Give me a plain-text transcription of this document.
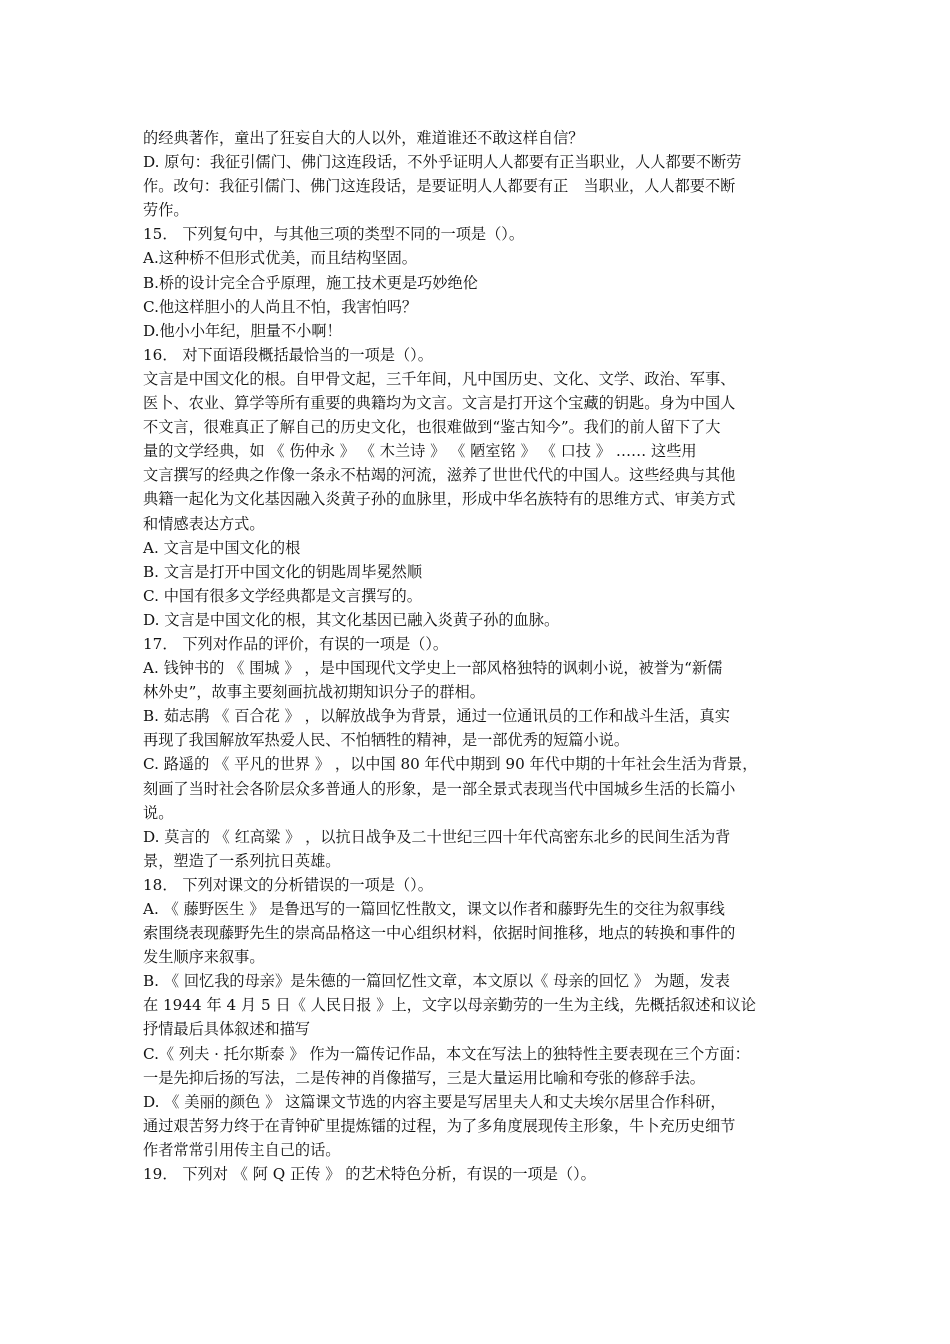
的经典著作，童出了狂妄自大的人以外，难道谁还不敢这样自信？

D. 原句：我征引儒门、佛门这连段话，不外乎证明人人都要有正当职业，人人都要不断劳

作。改句：我征引儒门、佛门这连段话，是要证明人人都要有正　当职业，人人都要不断

劳作。

15． 下列复句中，与其他三项的类型不同的一项是（）。

A.这种桥不但形式优美，而且结构坚固。

B.桥的设计完全合乎原理，施工技术更是巧妙绝伦

C.他这样胆小的人尚且不怕，我害怕吗？

D.他小小年纪，胆量不小啊！

16． 对下面语段概括最恰当的一项是（）。

文言是中国文化的根。自甲骨文起，三千年间，凡中国历史、文化、文学、政治、军事、

医卜、农业、算学等所有重要的典籍均为文言。文言是打开这个宝藏的钥匙。身为中国人

不文言，很难真正了解自己的历史文化，也很难做到“鉴古知今”。我们的前人留下了大

量的文学经典，如 《 伤仲永 》 《 木兰诗 》 《 陋室铭 》 《 口技 》 …… 这些用

文言撰写的经典之作像一条永不枯竭的河流，滋养了世世代代的中国人。这些经典与其他

典籍一起化为文化基因融入炎黄子孙的血脉里，形成中华名族特有的思维方式、审美方式

和情感表达方式。

A. 文言是中国文化的根

B. 文言是打开中国文化的钥匙周毕冕然顺

C. 中国有很多文学经典都是文言撰写的。

D. 文言是中国文化的根，其文化基因已融入炎黄子孙的血脉。

17． 下列对作品的评价，有误的一项是（）。

A. 钱钟书的 《 围城 》 ，是中国现代文学史上一部风格独特的讽刺小说，被誉为“新儒

林外史”，故事主要刻画抗战初期知识分子的群相。

B. 茹志鹃 《 百合花 》 ，以解放战争为背景，通过一位通讯员的工作和战斗生活，真实

再现了我国解放军热爱人民、不怕牺牲的精神，是一部优秀的短篇小说。

C. 路遥的 《 平凡的世界 》 ，以中国 80 年代中期到 90 年代中期的十年社会生活为背景，

刻画了当时社会各阶层众多普通人的形象，是一部全景式表现当代中国城乡生活的长篇小

说。

D. 莫言的 《 红高粱 》 ，以抗日战争及二十世纪三四十年代高密东北乡的民间生活为背

景，塑造了一系列抗日英雄。

18． 下列对课文的分析错误的一项是（）。

A. 《 藤野医生 》 是鲁迅写的一篇回忆性散文，课文以作者和藤野先生的交往为叙事线

索围绕表现藤野先生的崇高品格这一中心组织材料，依据时间推移，地点的转换和事件的

发生顺序来叙事。

B. 《 回忆我的母亲》是朱德的一篇回忆性文章，本文原以《 母亲的回忆 》 为题，发表

在 1944 年 4 月 5 日《 人民日报 》上，文字以母亲勤劳的一生为主线，先概括叙述和议论

抒情最后具体叙述和描写

C.《 列夫 · 托尔斯泰 》 作为一篇传记作品，本文在写法上的独特性主要表现在三个方面：

一是先抑后扬的写法，二是传神的肖像描写，三是大量运用比喻和夸张的修辞手法。

D. 《 美丽的颜色 》 这篇课文节选的内容主要是写居里夫人和丈夫埃尔居里合作科研，

通过艰苦努力终于在青钟矿里提炼镭的过程，为了多角度展现传主形象，牛卜充历史细节

作者常常引用传主自己的话。

19． 下列对 《 阿 Q 正传 》 的艺术特色分析，有误的一项是（）。
